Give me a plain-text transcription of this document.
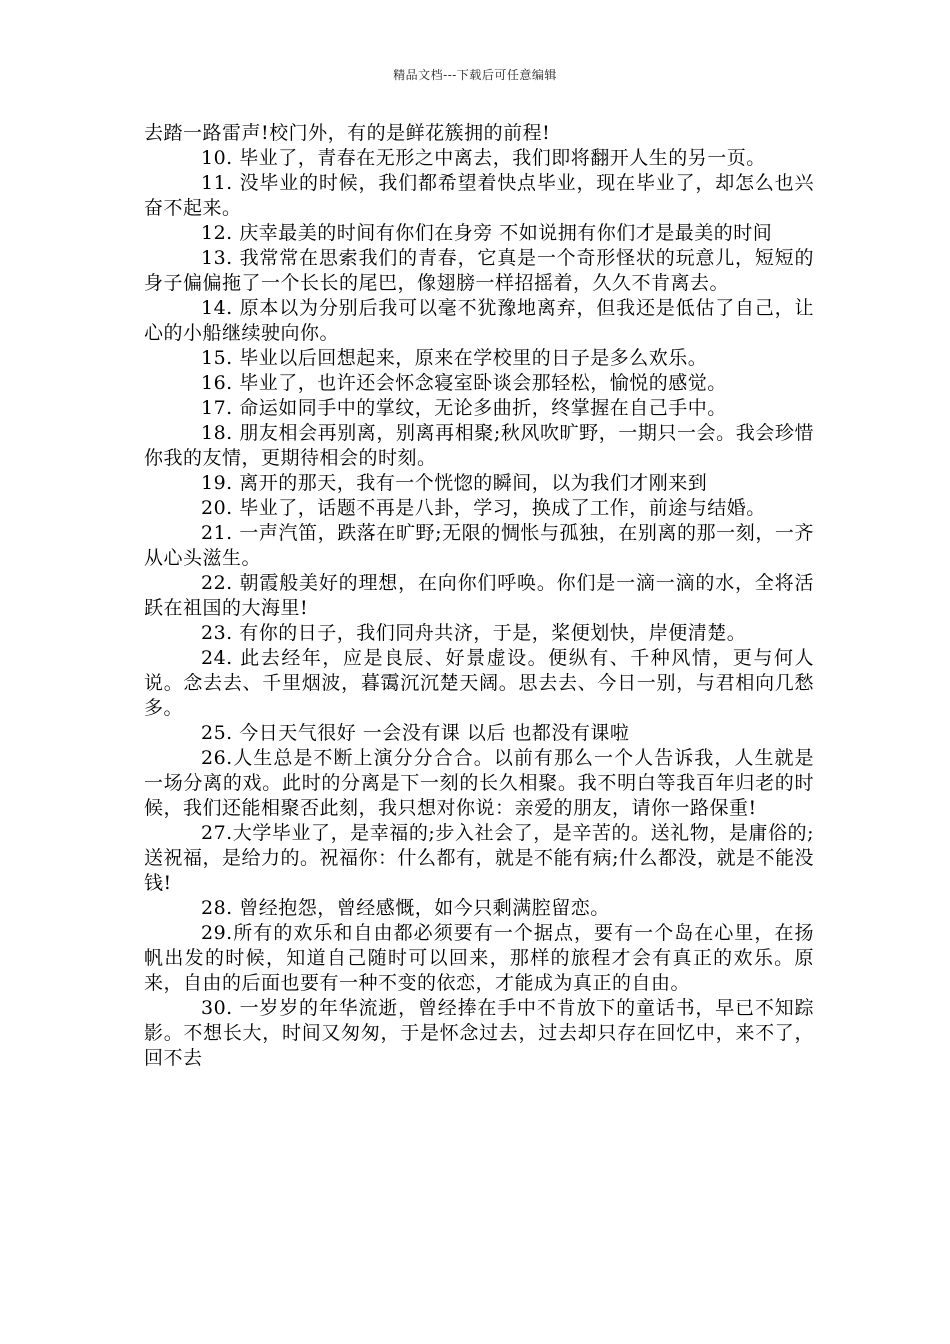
精品文档---下载后可任意编辑

去踏一路雷声!校门外，有的是鲜花簇拥的前程!

10. 毕业了，青春在无形之中离去，我们即将翻开人生的另一页。

11. 没毕业的时候，我们都希望着快点毕业，现在毕业了，却怎么也兴奋不起来。

12. 庆幸最美的时间有你们在身旁 不如说拥有你们才是最美的时间

13. 我常常在思索我们的青春，它真是一个奇形怪状的玩意儿，短短的身子偏偏拖了一个长长的尾巴，像翅膀一样招摇着，久久不肯离去。

14. 原本以为分别后我可以毫不犹豫地离弃，但我还是低估了自己，让心的小船继续驶向你。

15. 毕业以后回想起来，原来在学校里的日子是多么欢乐。

16. 毕业了，也许还会怀念寝室卧谈会那轻松，愉悦的感觉。

17. 命运如同手中的掌纹，无论多曲折，终掌握在自己手中。

18. 朋友相会再别离，别离再相聚;秋风吹旷野，一期只一会。我会珍惜你我的友情，更期待相会的时刻。

19. 离开的那天，我有一个恍惚的瞬间，以为我们才刚来到

20. 毕业了，话题不再是八卦，学习，换成了工作，前途与结婚。

21. 一声汽笛，跌落在旷野;无限的惆怅与孤独，在别离的那一刻，一齐从心头滋生。

22. 朝霞般美好的理想，在向你们呼唤。你们是一滴一滴的水，全将活跃在祖国的大海里!

23. 有你的日子，我们同舟共济，于是，桨便划快，岸便清楚。

24. 此去经年，应是良辰、好景虚设。便纵有、千种风情，更与何人说。念去去、千里烟波，暮霭沉沉楚天阔。思去去、今日一别，与君相向几愁多。

25. 今日天气很好 一会没有课 以后 也都没有课啦

26.人生总是不断上演分分合合。以前有那么一个人告诉我，人生就是一场分离的戏。此时的分离是下一刻的长久相聚。我不明白等我百年归老的时候，我们还能相聚否此刻，我只想对你说：亲爱的朋友，请你一路保重!

27.大学毕业了，是幸福的;步入社会了，是辛苦的。送礼物，是庸俗的;送祝福，是给力的。祝福你：什么都有，就是不能有病;什么都没，就是不能没钱!

28. 曾经抱怨，曾经感慨，如今只剩满腔留恋。

29.所有的欢乐和自由都必须要有一个据点，要有一个岛在心里，在扬帆出发的时候，知道自己随时可以回来，那样的旅程才会有真正的欢乐。原来，自由的后面也要有一种不变的依恋，才能成为真正的自由。

30. 一岁岁的年华流逝，曾经捧在手中不肯放下的童话书，早已不知踪影。不想长大，时间又匆匆，于是怀念过去，过去却只存在回忆中，来不了，回不去
